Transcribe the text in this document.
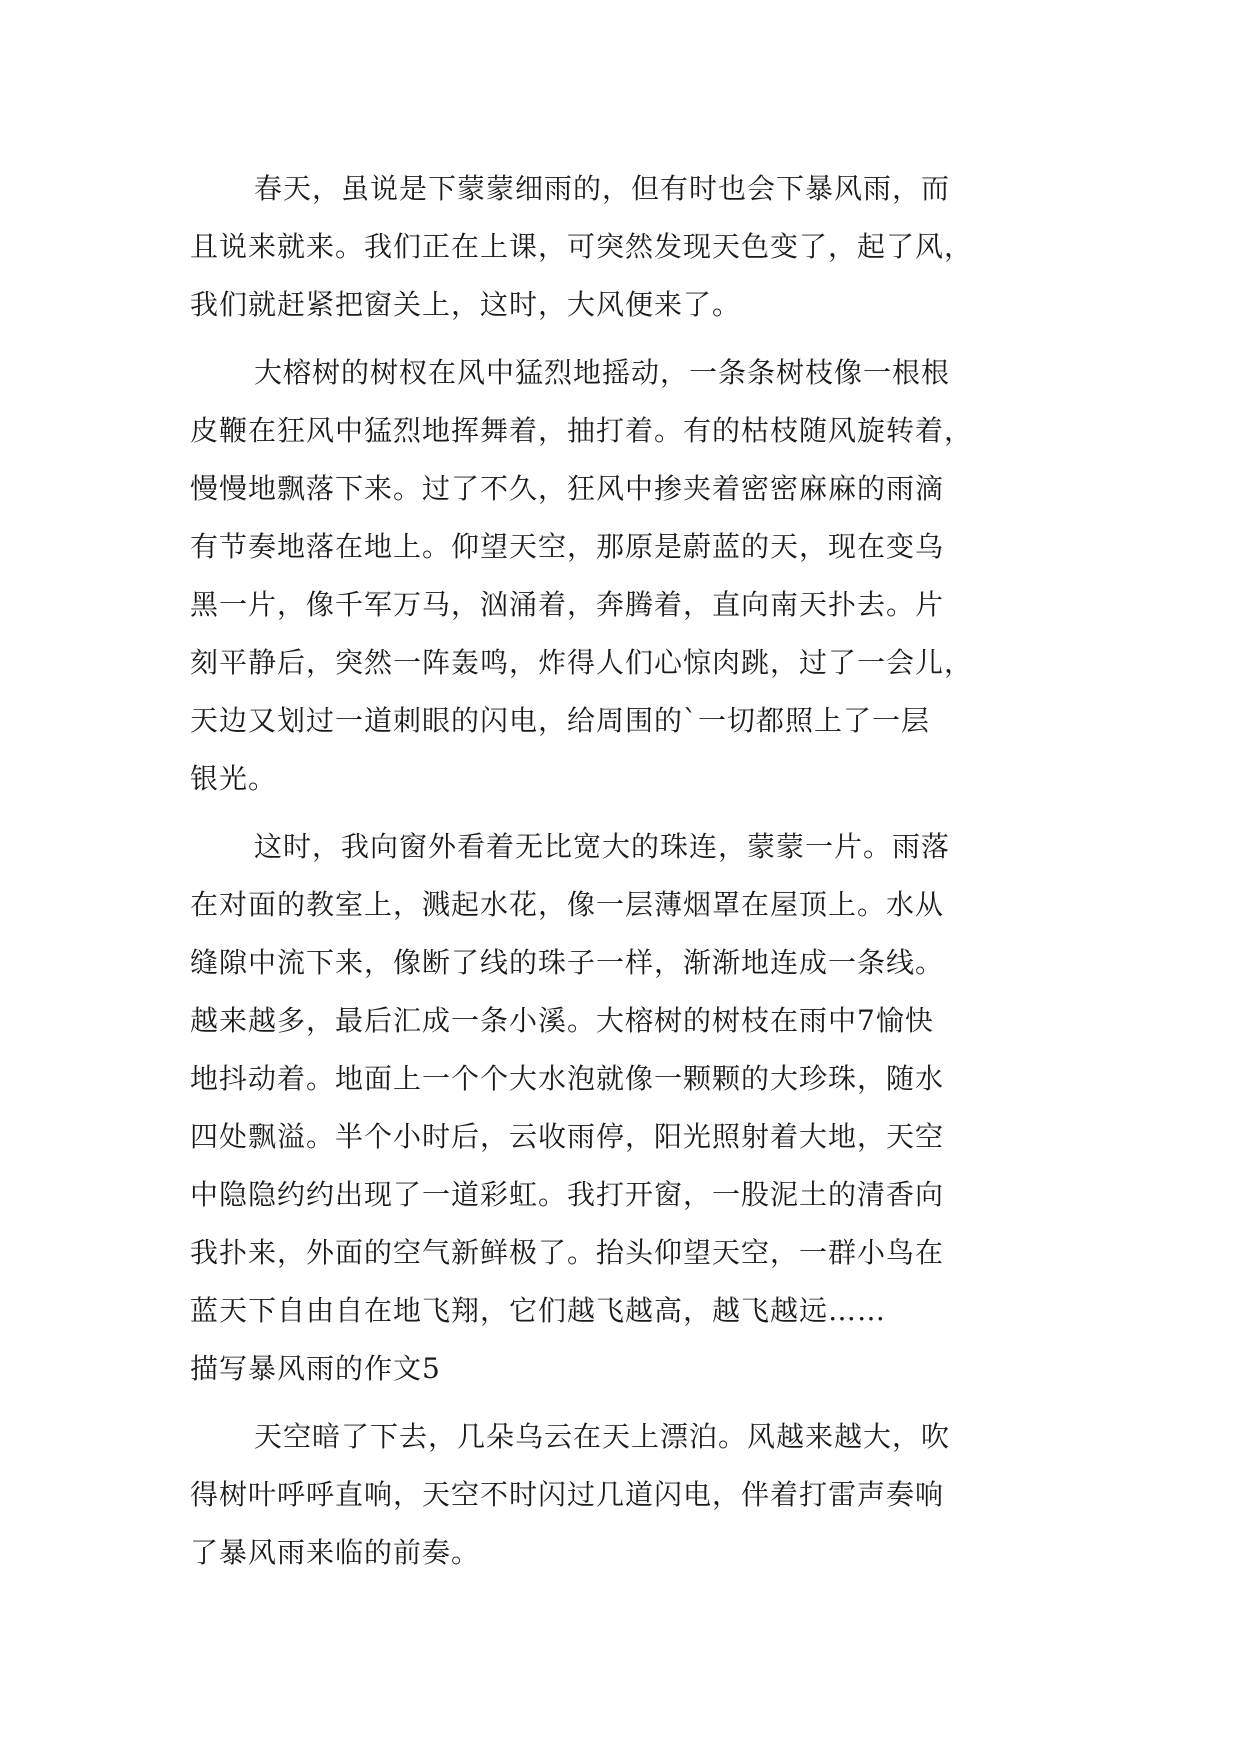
春天，虽说是下蒙蒙细雨的，但有时也会下暴风雨，而
且说来就来。我们正在上课，可突然发现天色变了，起了风，
我们就赶紧把窗关上，这时，大风便来了。
大榕树的树杈在风中猛烈地摇动，一条条树枝像一根根
皮鞭在狂风中猛烈地挥舞着，抽打着。有的枯枝随风旋转着，
慢慢地飘落下来。过了不久，狂风中掺夹着密密麻麻的雨滴
有节奏地落在地上。仰望天空，那原是蔚蓝的天，现在变乌
黑一片，像千军万马，汹涌着，奔腾着，直向南天扑去。片
刻平静后，突然一阵轰鸣，炸得人们心惊肉跳，过了一会儿，
天边又划过一道刺眼的闪电，给周围的`一切都照上了一层
银光。
这时，我向窗外看着无比宽大的珠连，蒙蒙一片。雨落
在对面的教室上，溅起水花，像一层薄烟罩在屋顶上。水从
缝隙中流下来，像断了线的珠子一样，渐渐地连成一条线。
越来越多，最后汇成一条小溪。大榕树的树枝在雨中7愉快
地抖动着。地面上一个个大水泡就像一颗颗的大珍珠，随水
四处飘溢。半个小时后，云收雨停，阳光照射着大地，天空
中隐隐约约出现了一道彩虹。我打开窗，一股泥土的清香向
我扑来，外面的空气新鲜极了。抬头仰望天空，一群小鸟在
蓝天下自由自在地飞翔，它们越飞越高，越飞越远……
描写暴风雨的作文5
天空暗了下去，几朵乌云在天上漂泊。风越来越大，吹
得树叶呼呼直响，天空不时闪过几道闪电，伴着打雷声奏响
了暴风雨来临的前奏。
